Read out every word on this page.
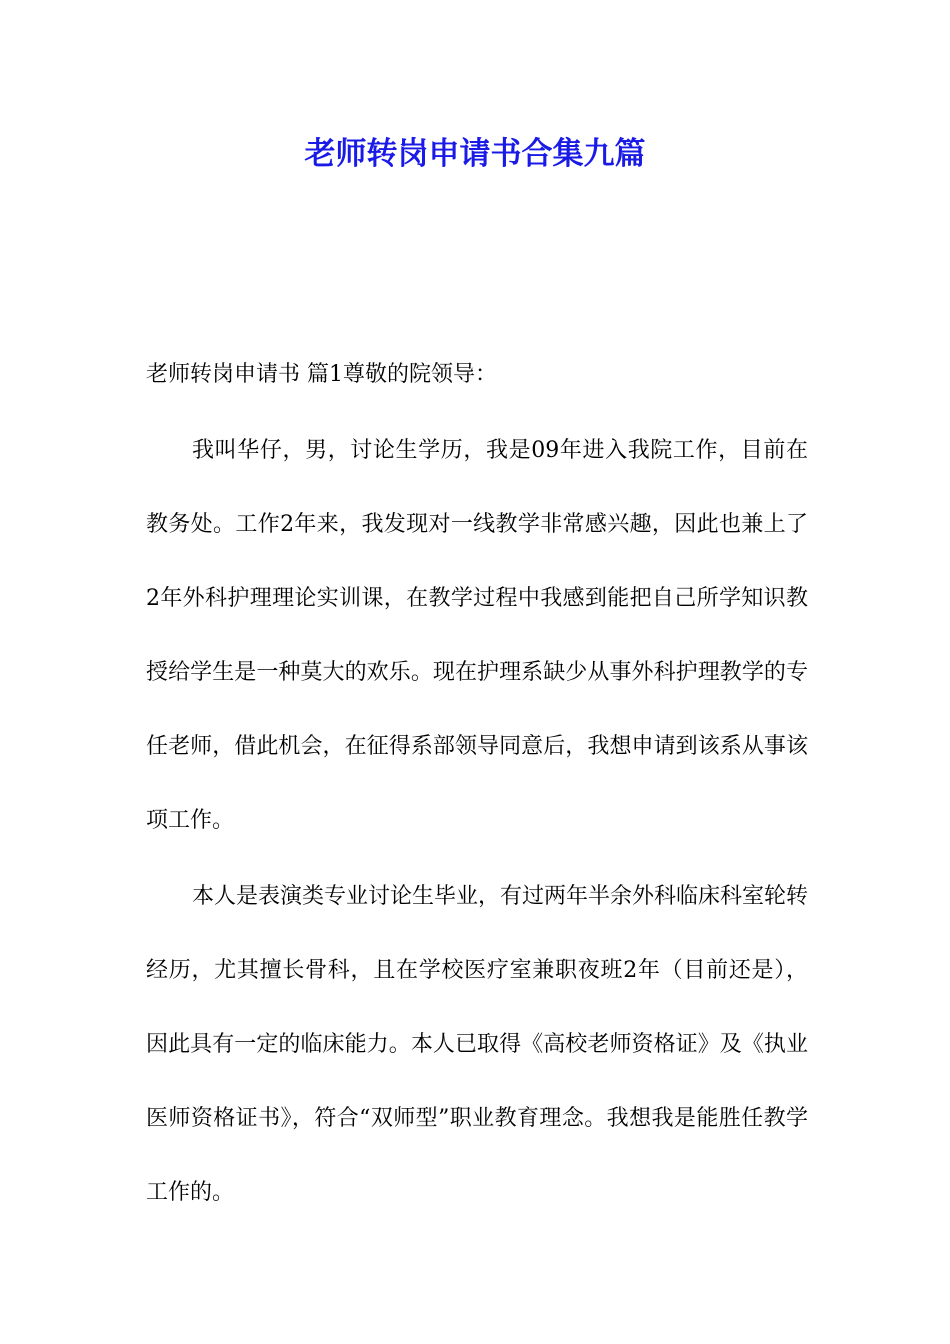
老师转岗申请书合集九篇

老师转岗申请书 篇1尊敬的院领导：

我叫华仔，男，讨论生学历，我是09年进入我院工作，目前在教务处。工作2年来，我发现对一线教学非常感兴趣，因此也兼上了2年外科护理理论实训课，在教学过程中我感到能把自己所学知识教授给学生是一种莫大的欢乐。现在护理系缺少从事外科护理教学的专任老师，借此机会，在征得系部领导同意后，我想申请到该系从事该项工作。

本人是表演类专业讨论生毕业，有过两年半余外科临床科室轮转经历，尤其擅长骨科，且在学校医疗室兼职夜班2年（目前还是），因此具有一定的临床能力。本人已取得《高校老师资格证》及《执业医师资格证书》，符合“双师型”职业教育理念。我想我是能胜任教学工作的。
